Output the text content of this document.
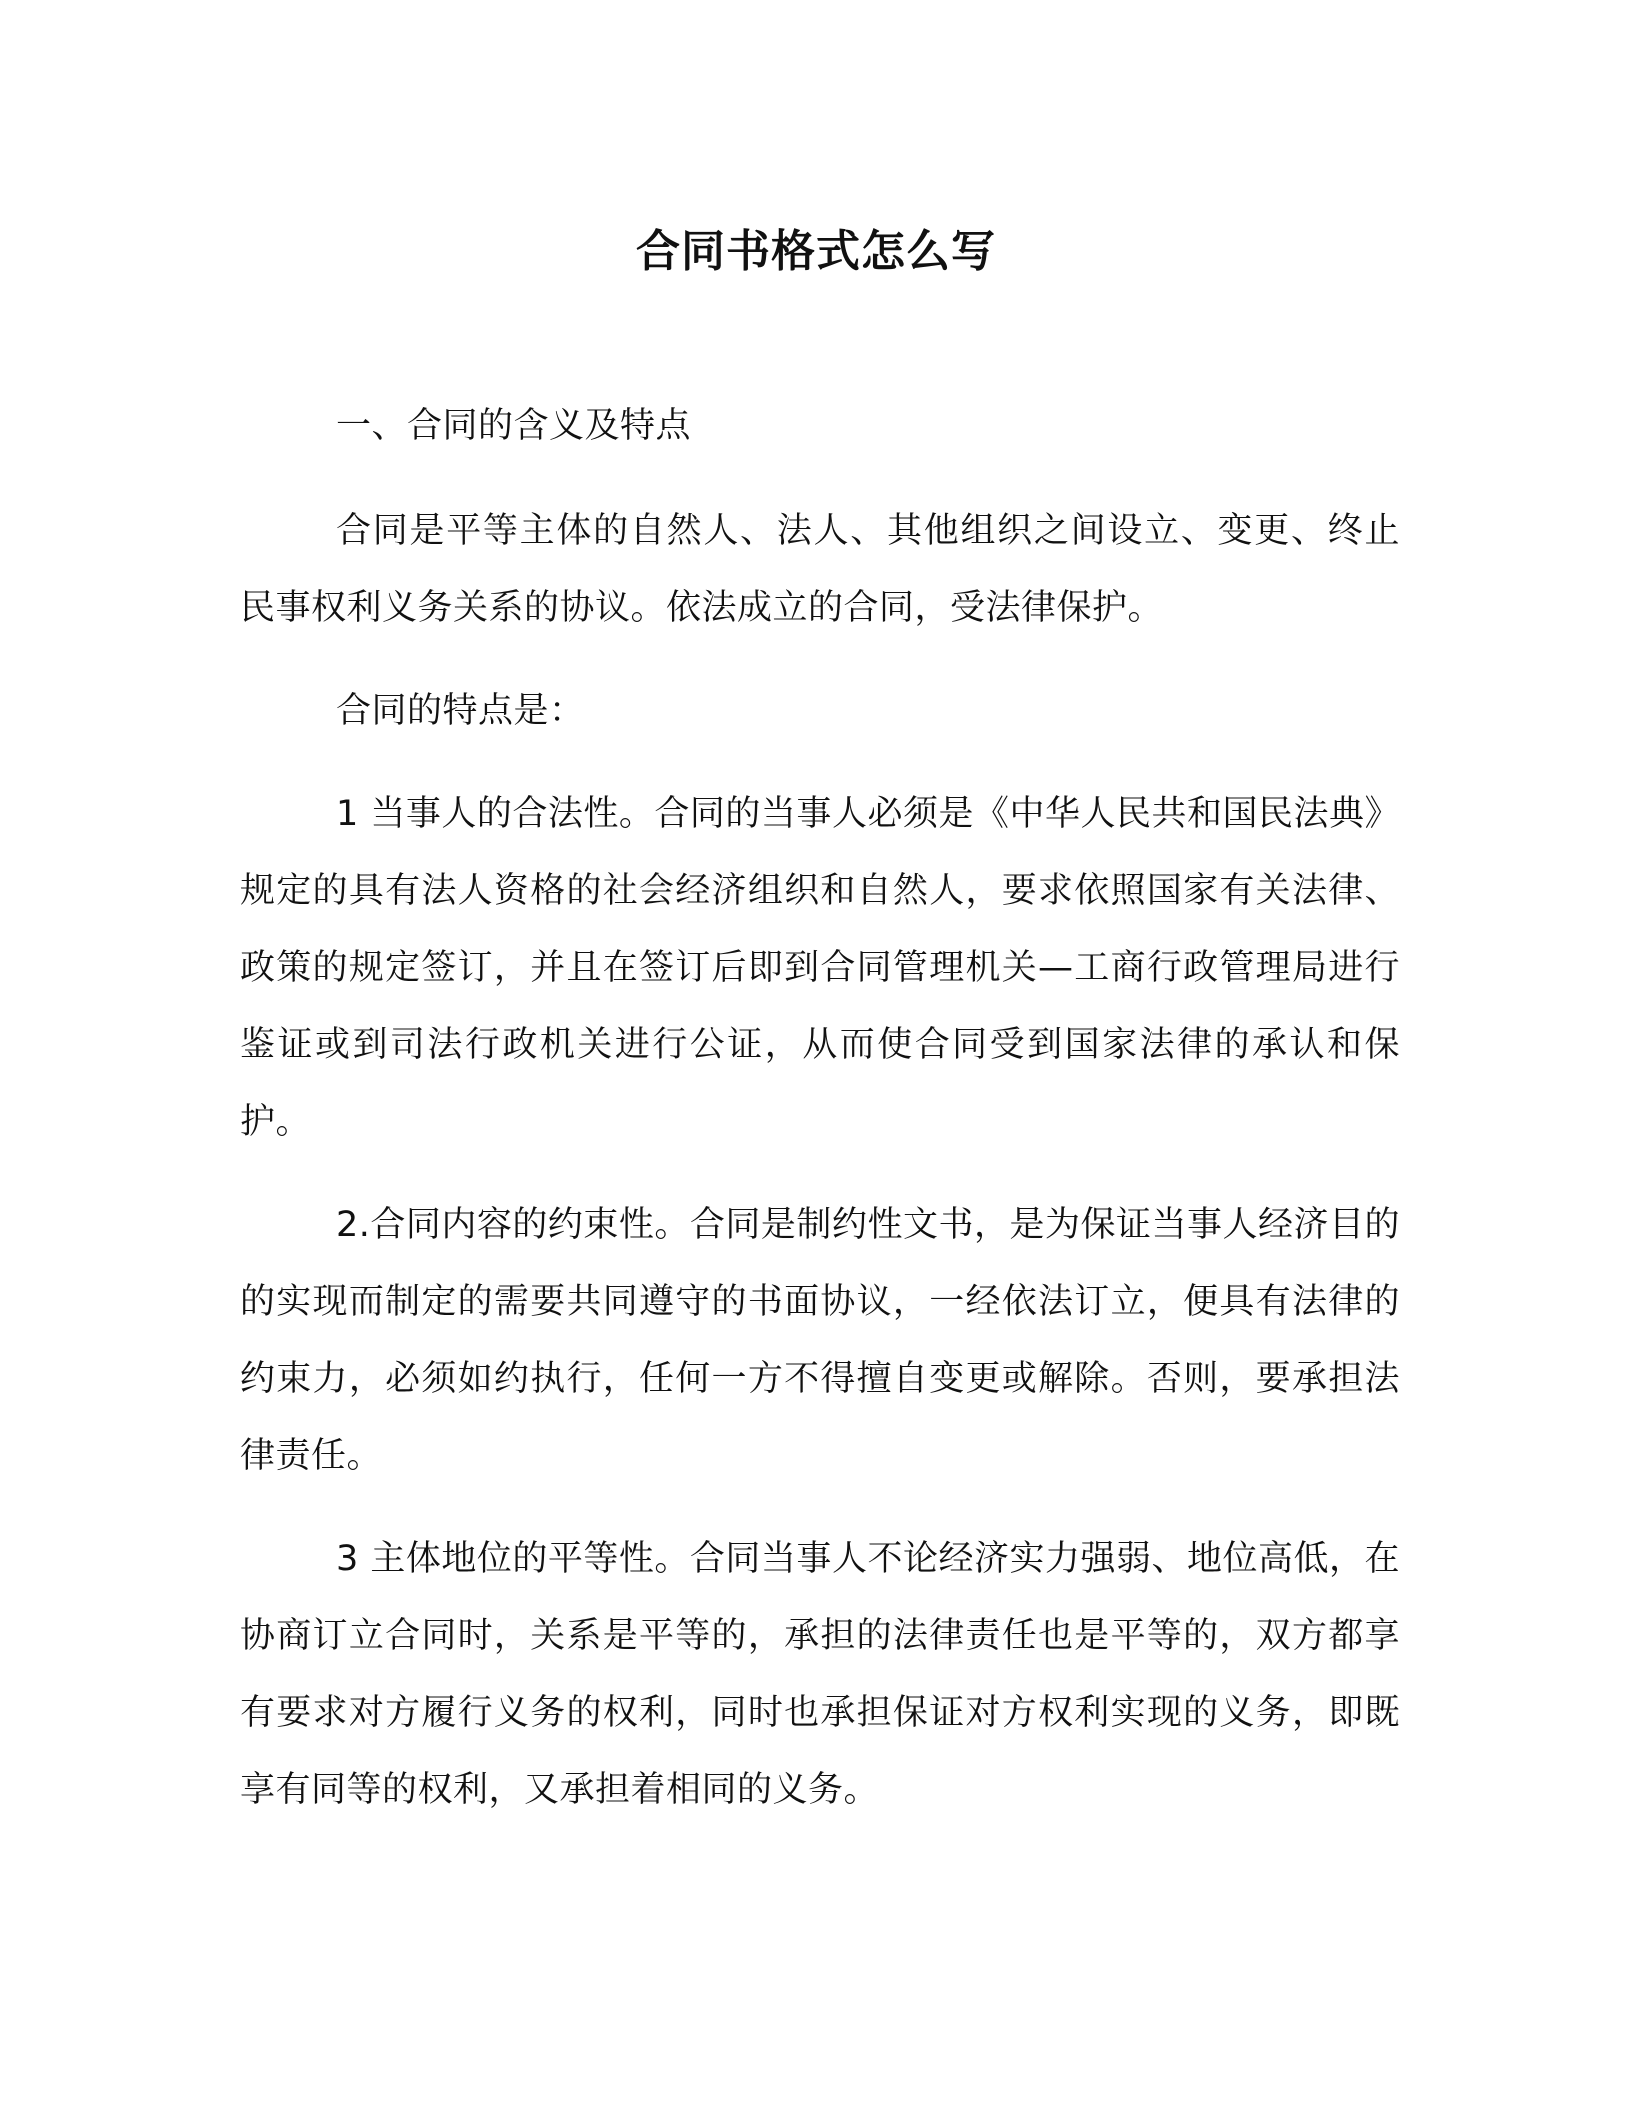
合同书格式怎么写

一、合同的含义及特点

合同是平等主体的自然人、法人、其他组织之间设立、变更、终止民事权利义务关系的协议。依法成立的合同，受法律保护。

合同的特点是：

1 当事人的合法性。合同的当事人必须是《中华人民共和国民法典》规定的具有法人资格的社会经济组织和自然人，要求依照国家有关法律、政策的规定签订，并且在签订后即到合同管理机关—工商行政管理局进行鉴证或到司法行政机关进行公证，从而使合同受到国家法律的承认和保护。

2.合同内容的约束性。合同是制约性文书，是为保证当事人经济目的的实现而制定的需要共同遵守的书面协议，一经依法订立，便具有法律的约束力，必须如约执行，任何一方不得擅自变更或解除。否则，要承担法律责任。

3 主体地位的平等性。合同当事人不论经济实力强弱、地位高低，在协商订立合同时，关系是平等的，承担的法律责任也是平等的，双方都享有要求对方履行义务的权利，同时也承担保证对方权利实现的义务，即既享有同等的权利，又承担着相同的义务。
